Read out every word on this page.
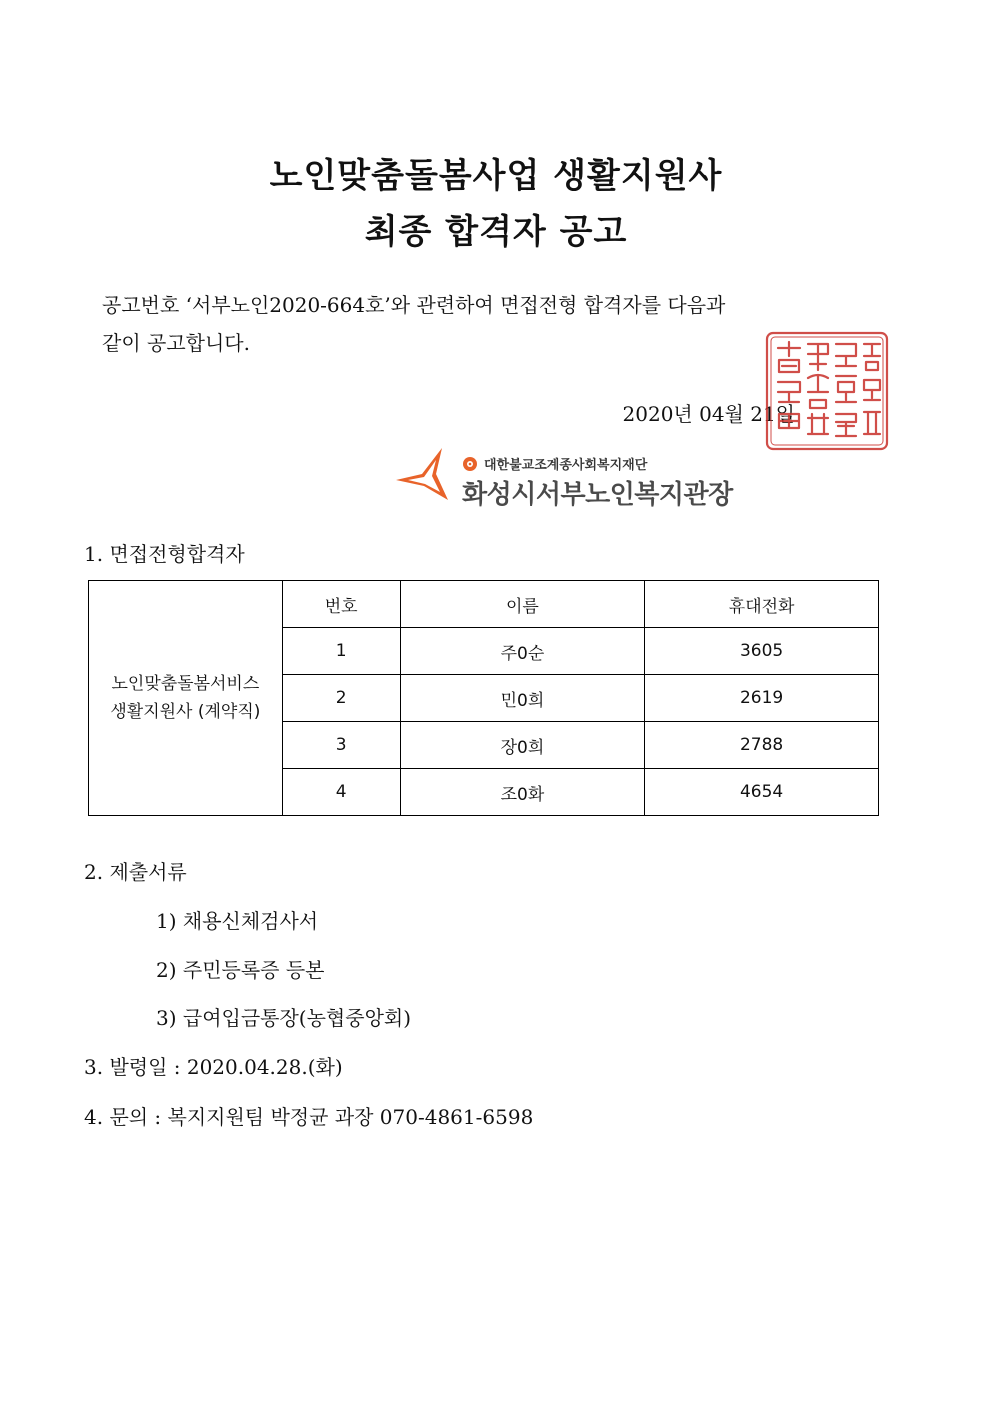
노인맞춤돌봄사업 생활지원사
최종 합격자 공고
공고번호 ‘서부노인2020-664호’와 관련하여 면접전형 합격자를 다음과
같이 공고합니다.
2020년 04월 21일
대한불교조계종사회복지재단
화성시서부노인복지관장
1. 면접전형합격자
노인맞춤돌봄서비스
생활지원사 (계약직)	번호	이름	휴대전화
	1	주0순	3605
	2	민0희	2619
	3	장0희	2788
	4	조0화	4654
2. 제출서류
1) 채용신체검사서
2) 주민등록증 등본
3) 급여입금통장(농협중앙회)
3. 발령일 : 2020.04.28.(화)
4. 문의 : 복지지원팀 박정균 과장 070-4861-6598
